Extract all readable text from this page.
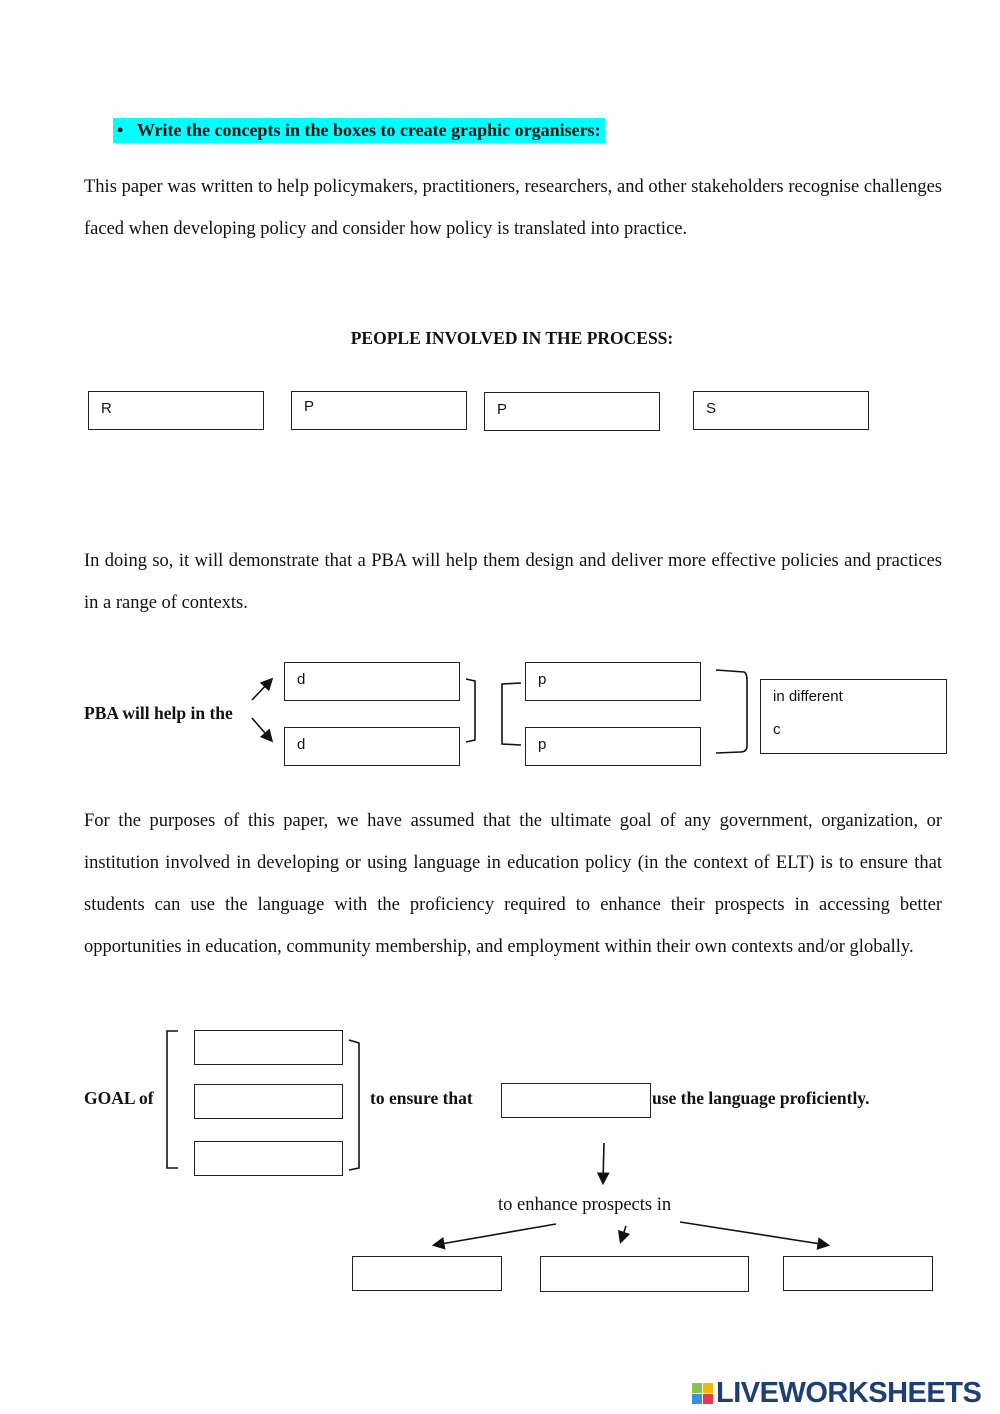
•   Write the concepts in the boxes to create graphic organisers:
This paper was written to help policymakers, practitioners, researchers, and other stakeholders recognise challenges faced when developing policy and consider how policy is translated into practice.
PEOPLE INVOLVED IN THE PROCESS:
R	P	P	S
In doing so, it will demonstrate that a PBA will help them design and deliver more effective policies and practices in a range of contexts.
PBA will help in the
d
d
p
p
in different
c
For the purposes of this paper, we have assumed that the ultimate goal of any government, organization, or institution involved in developing or using language in education policy (in the context of ELT) is to ensure that students can use the language with the proficiency required to enhance their prospects in accessing better opportunities in education, community membership, and employment within their own contexts and/or globally.
GOAL of	to ensure that	use the language proficiently.
to enhance prospects in
LIVEWORKSHEETS
